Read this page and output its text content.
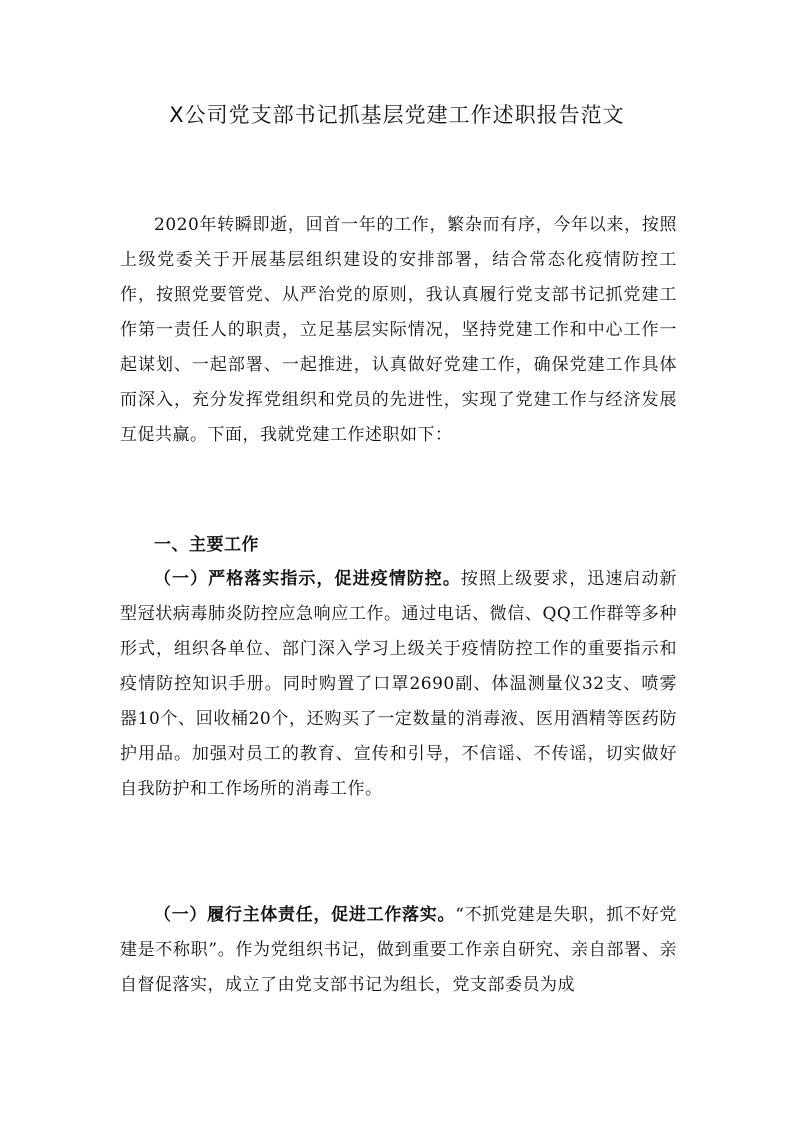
X公司党支部书记抓基层党建工作述职报告范文
2020年转瞬即逝，回首一年的工作，繁杂而有序，今年以来，按照上级党委关于开展基层组织建设的安排部署，结合常态化疫情防控工作，按照党要管党、从严治党的原则，我认真履行党支部书记抓党建工作第一责任人的职责，立足基层实际情况，坚持党建工作和中心工作一起谋划、一起部署、一起推进，认真做好党建工作，确保党建工作具体而深入，充分发挥党组织和党员的先进性，实现了党建工作与经济发展互促共赢。下面，我就党建工作述职如下：
一、主要工作
（一）严格落实指示，促进疫情防控。按照上级要求，迅速启动新型冠状病毒肺炎防控应急响应工作。通过电话、微信、QQ工作群等多种形式，组织各单位、部门深入学习上级关于疫情防控工作的重要指示和疫情防控知识手册。同时购置了口罩2690副、体温测量仪32支、喷雾器10个、回收桶20个，还购买了一定数量的消毒液、医用酒精等医药防护用品。加强对员工的教育、宣传和引导，不信谣、不传谣，切实做好自我防护和工作场所的消毒工作。
（一）履行主体责任，促进工作落实。“不抓党建是失职，抓不好党建是不称职”。作为党组织书记，做到重要工作亲自研究、亲自部署、亲自督促落实，成立了由党支部书记为组长，党支部委员为成
